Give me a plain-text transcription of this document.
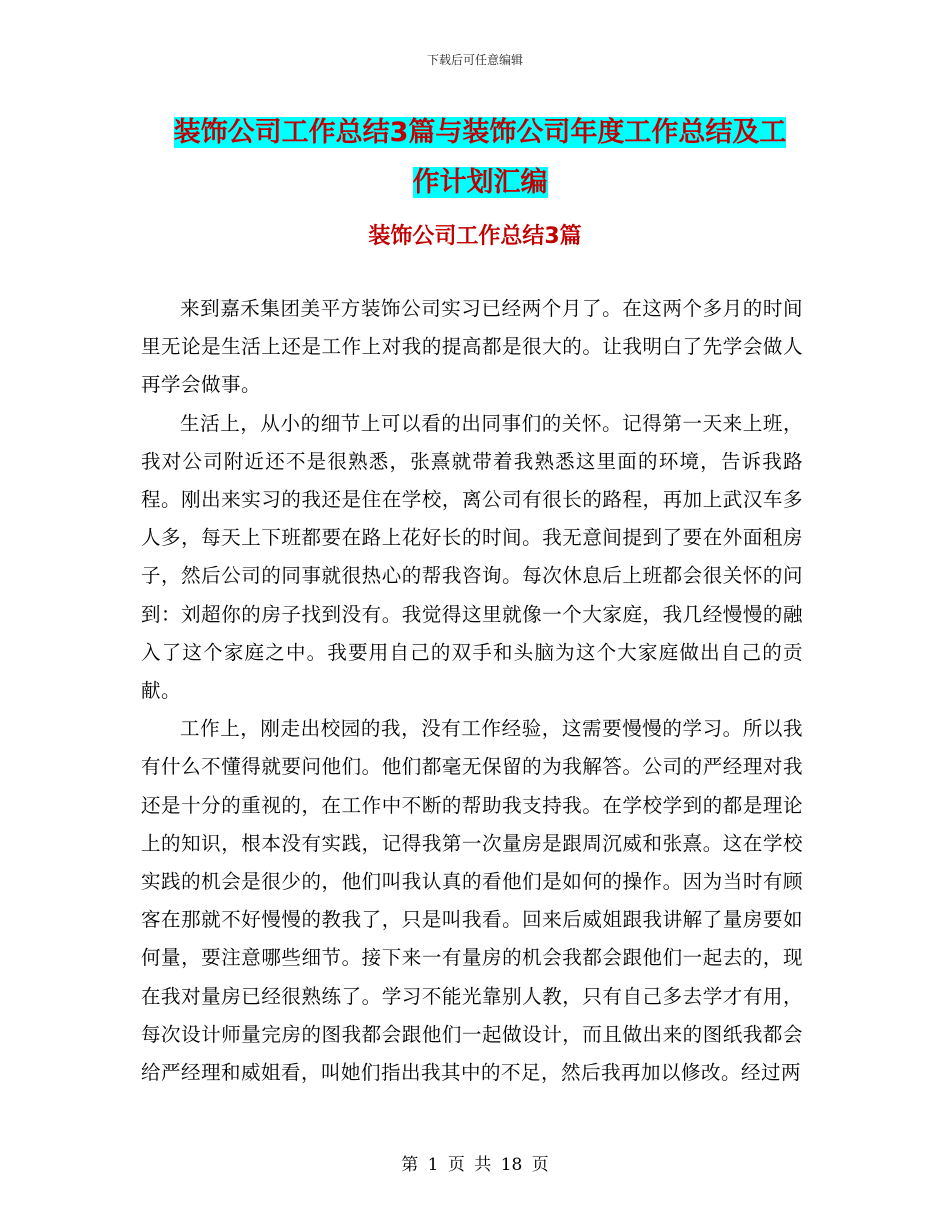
下载后可任意编辑
装饰公司工作总结3篇与装饰公司年度工作总结及工
作计划汇编
装饰公司工作总结3篇

来到嘉禾集团美平方装饰公司实习已经两个月了。在这两个多月的时间里无论是生活上还是工作上对我的提高都是很大的。让我明白了先学会做人再学会做事。

生活上，从小的细节上可以看的出同事们的关怀。记得第一天来上班，我对公司附近还不是很熟悉，张熹就带着我熟悉这里面的环境，告诉我路程。刚出来实习的我还是住在学校，离公司有很长的路程，再加上武汉车多人多，每天上下班都要在路上花好长的时间。我无意间提到了要在外面租房子，然后公司的同事就很热心的帮我咨询。每次休息后上班都会很关怀的问到：刘超你的房子找到没有。我觉得这里就像一个大家庭，我几经慢慢的融入了这个家庭之中。我要用自己的双手和头脑为这个大家庭做出自己的贡献。

工作上，刚走出校园的我，没有工作经验，这需要慢慢的学习。所以我有什么不懂得就要问他们。他们都毫无保留的为我解答。公司的严经理对我还是十分的重视的，在工作中不断的帮助我支持我。在学校学到的都是理论上的知识，根本没有实践，记得我第一次量房是跟周沉威和张熹。这在学校实践的机会是很少的，他们叫我认真的看他们是如何的操作。因为当时有顾客在那就不好慢慢的教我了，只是叫我看。回来后威姐跟我讲解了量房要如何量，要注意哪些细节。接下来一有量房的机会我都会跟他们一起去的，现在我对量房已经很熟练了。学习不能光靠别人教，只有自己多去学才有用，每次设计师量完房的图我都会跟他们一起做设计，而且做出来的图纸我都会给严经理和威姐看，叫她们指出我其中的不足，然后我再加以修改。经过两

第 1 页 共 18 页
